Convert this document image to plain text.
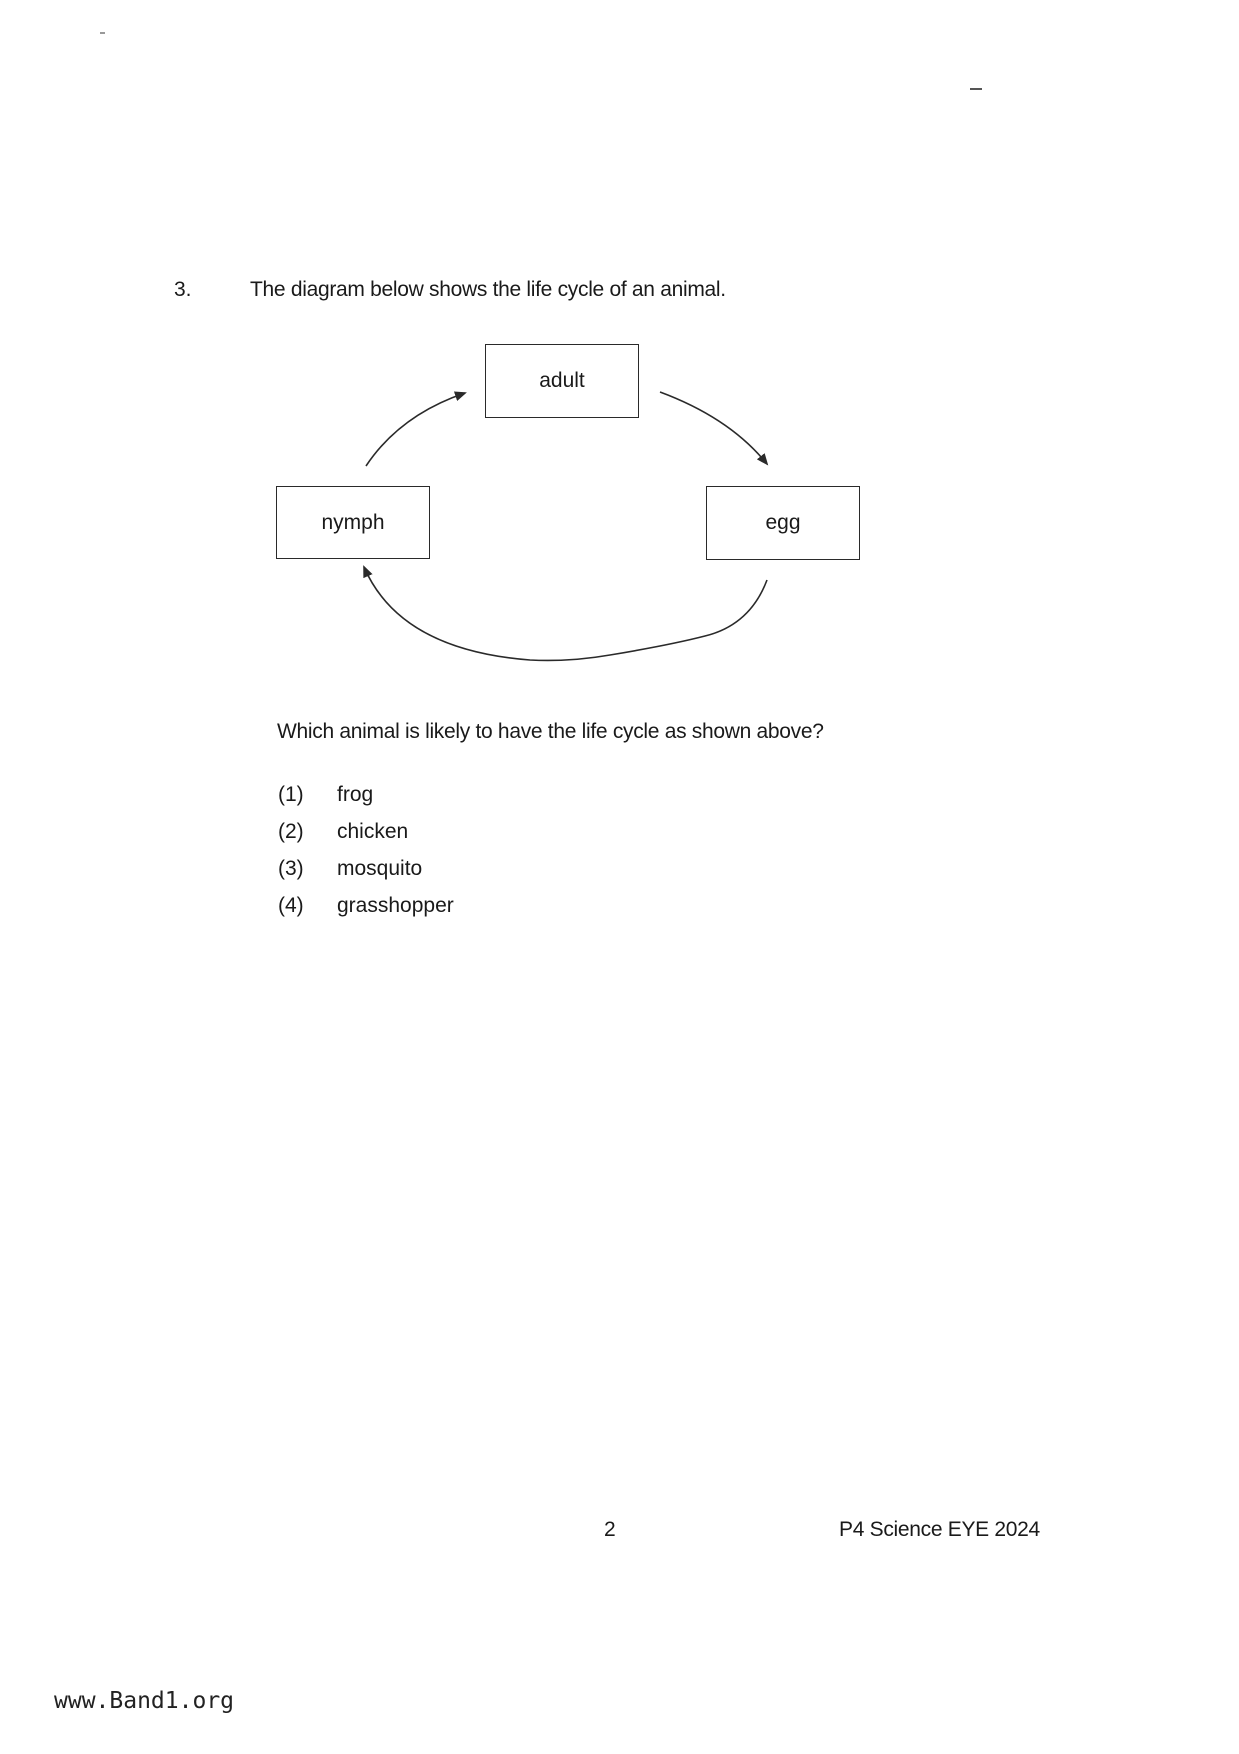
3.	The diagram below shows the life cycle of an animal.
adult
nymph	egg
Which animal is likely to have the life cycle as shown above?
(1)	frog
(2)	chicken
(3)	mosquito
(4)	grasshopper
2	P4 Science EYE 2024
www.Band1.org
